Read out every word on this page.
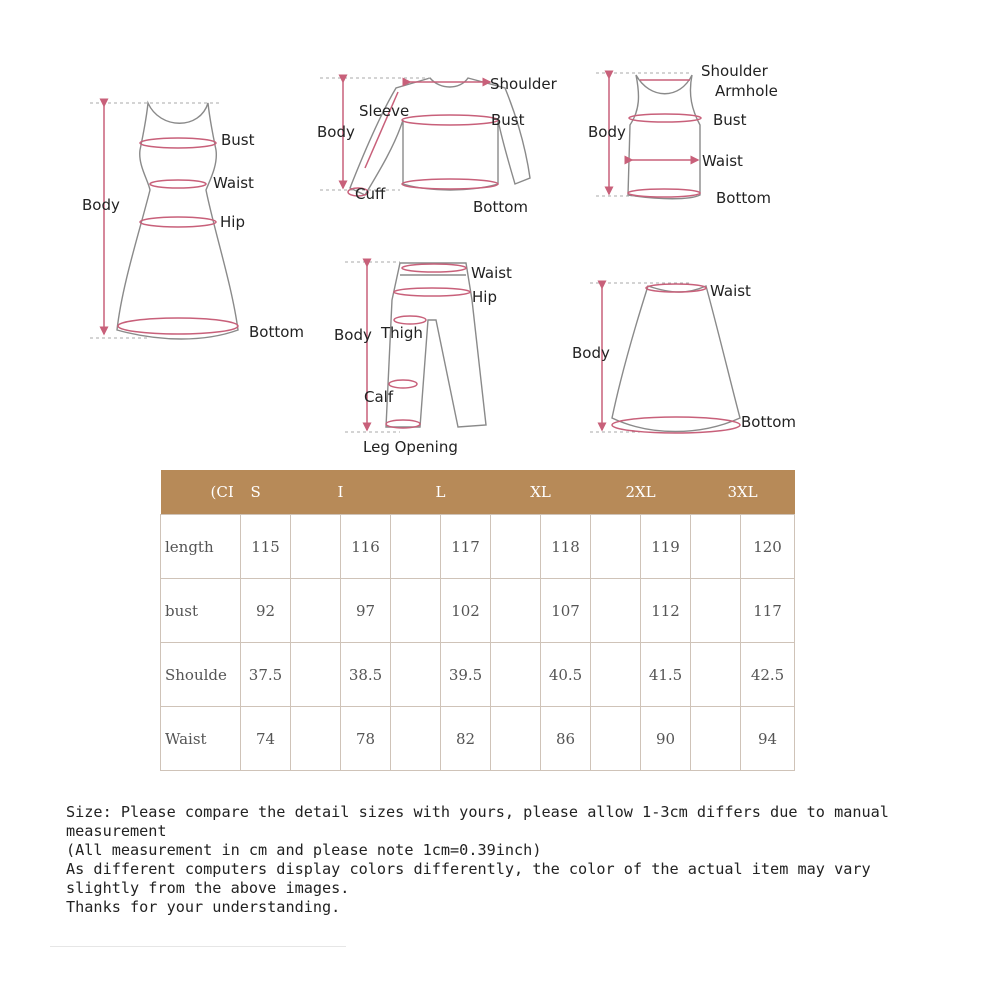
Body
Bust
Waist
Hip
Bottom
Body
Sleeve
Shoulder
Bust
Cuff
Bottom
Body
Shoulder
Armhole
Bust
Waist
Bottom
Waist
Hip
Body Thigh
Calf
Leg Opening
Waist
Body
Bottom
(CI S		I		L		XL		2XL		3XL	
length	115		116		117		118		119		120
bust	92		97		102		107		112		117
Shoulde	37.5		38.5		39.5		40.5		41.5		42.5
Waist	74		78		82		86		90		94

Size: Please compare the detail sizes with yours, please allow 1-3cm differs due to manual measurement

(All measurement in cm and please note 1cm=0.39inch)

As different computers display colors differently, the color of the actual item may vary

slightly from the above images.

Thanks for your understanding.
